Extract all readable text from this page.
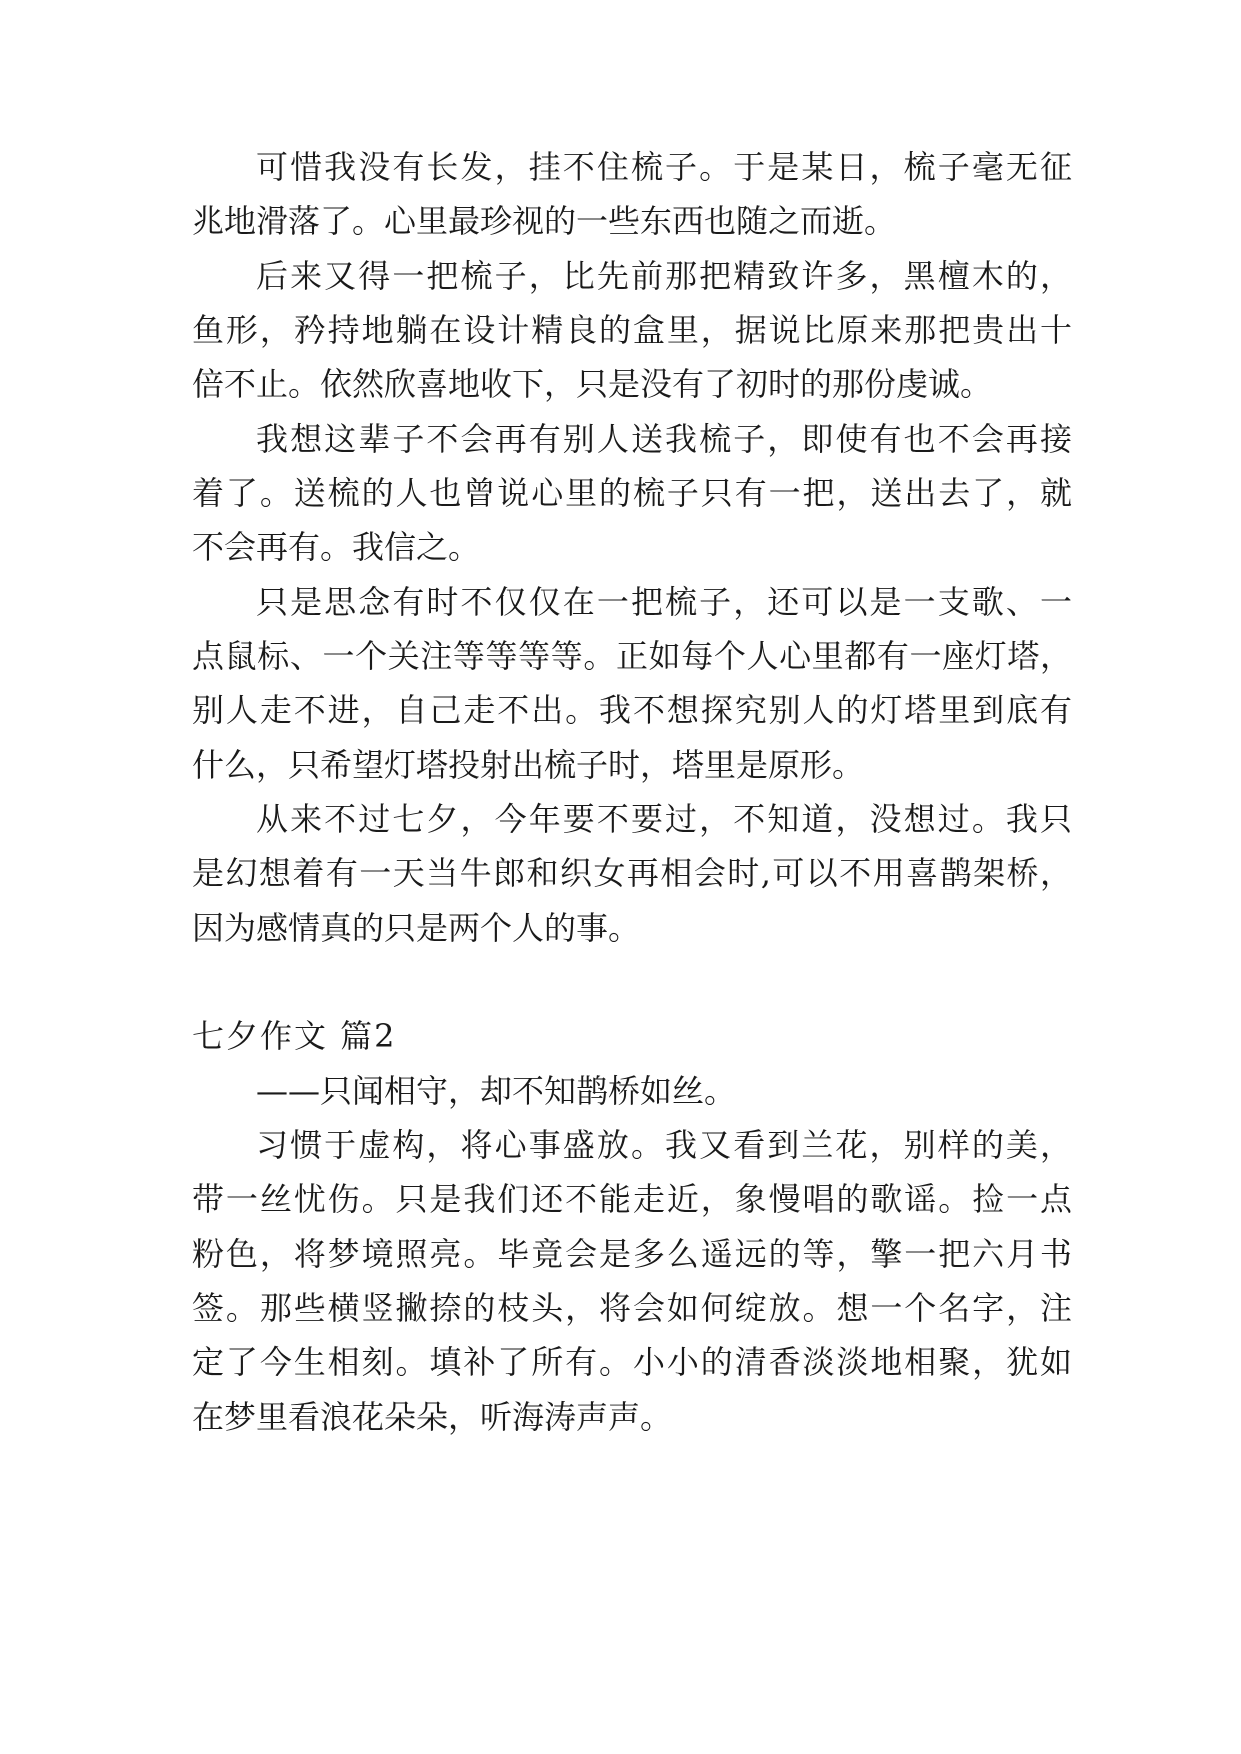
可惜我没有长发，挂不住梳子。于是某日，梳子毫无征
兆地滑落了。心里最珍视的一些东西也随之而逝。
后来又得一把梳子，比先前那把精致许多，黑檀木的，
鱼形，矜持地躺在设计精良的盒里，据说比原来那把贵出十
倍不止。依然欣喜地收下，只是没有了初时的那份虔诚。
我想这辈子不会再有别人送我梳子，即使有也不会再接
着了。送梳的人也曾说心里的梳子只有一把，送出去了，就
不会再有。我信之。
只是思念有时不仅仅在一把梳子，还可以是一支歌、一
点鼠标、一个关注等等等等。正如每个人心里都有一座灯塔，
别人走不进，自己走不出。我不想探究别人的灯塔里到底有
什么，只希望灯塔投射出梳子时，塔里是原形。
从来不过七夕，今年要不要过，不知道，没想过。我只
是幻想着有一天当牛郎和织女再相会时,可以不用喜鹊架桥，
因为感情真的只是两个人的事。
七夕作文 篇2
——只闻相守，却不知鹊桥如丝。
习惯于虚构，将心事盛放。我又看到兰花，别样的美，
带一丝忧伤。只是我们还不能走近，象慢唱的歌谣。捡一点
粉色，将梦境照亮。毕竟会是多么遥远的等，擎一把六月书
签。那些横竖撇捺的枝头，将会如何绽放。想一个名字，注
定了今生相刻。填补了所有。小小的清香淡淡地相聚，犹如
在梦里看浪花朵朵，听海涛声声。
